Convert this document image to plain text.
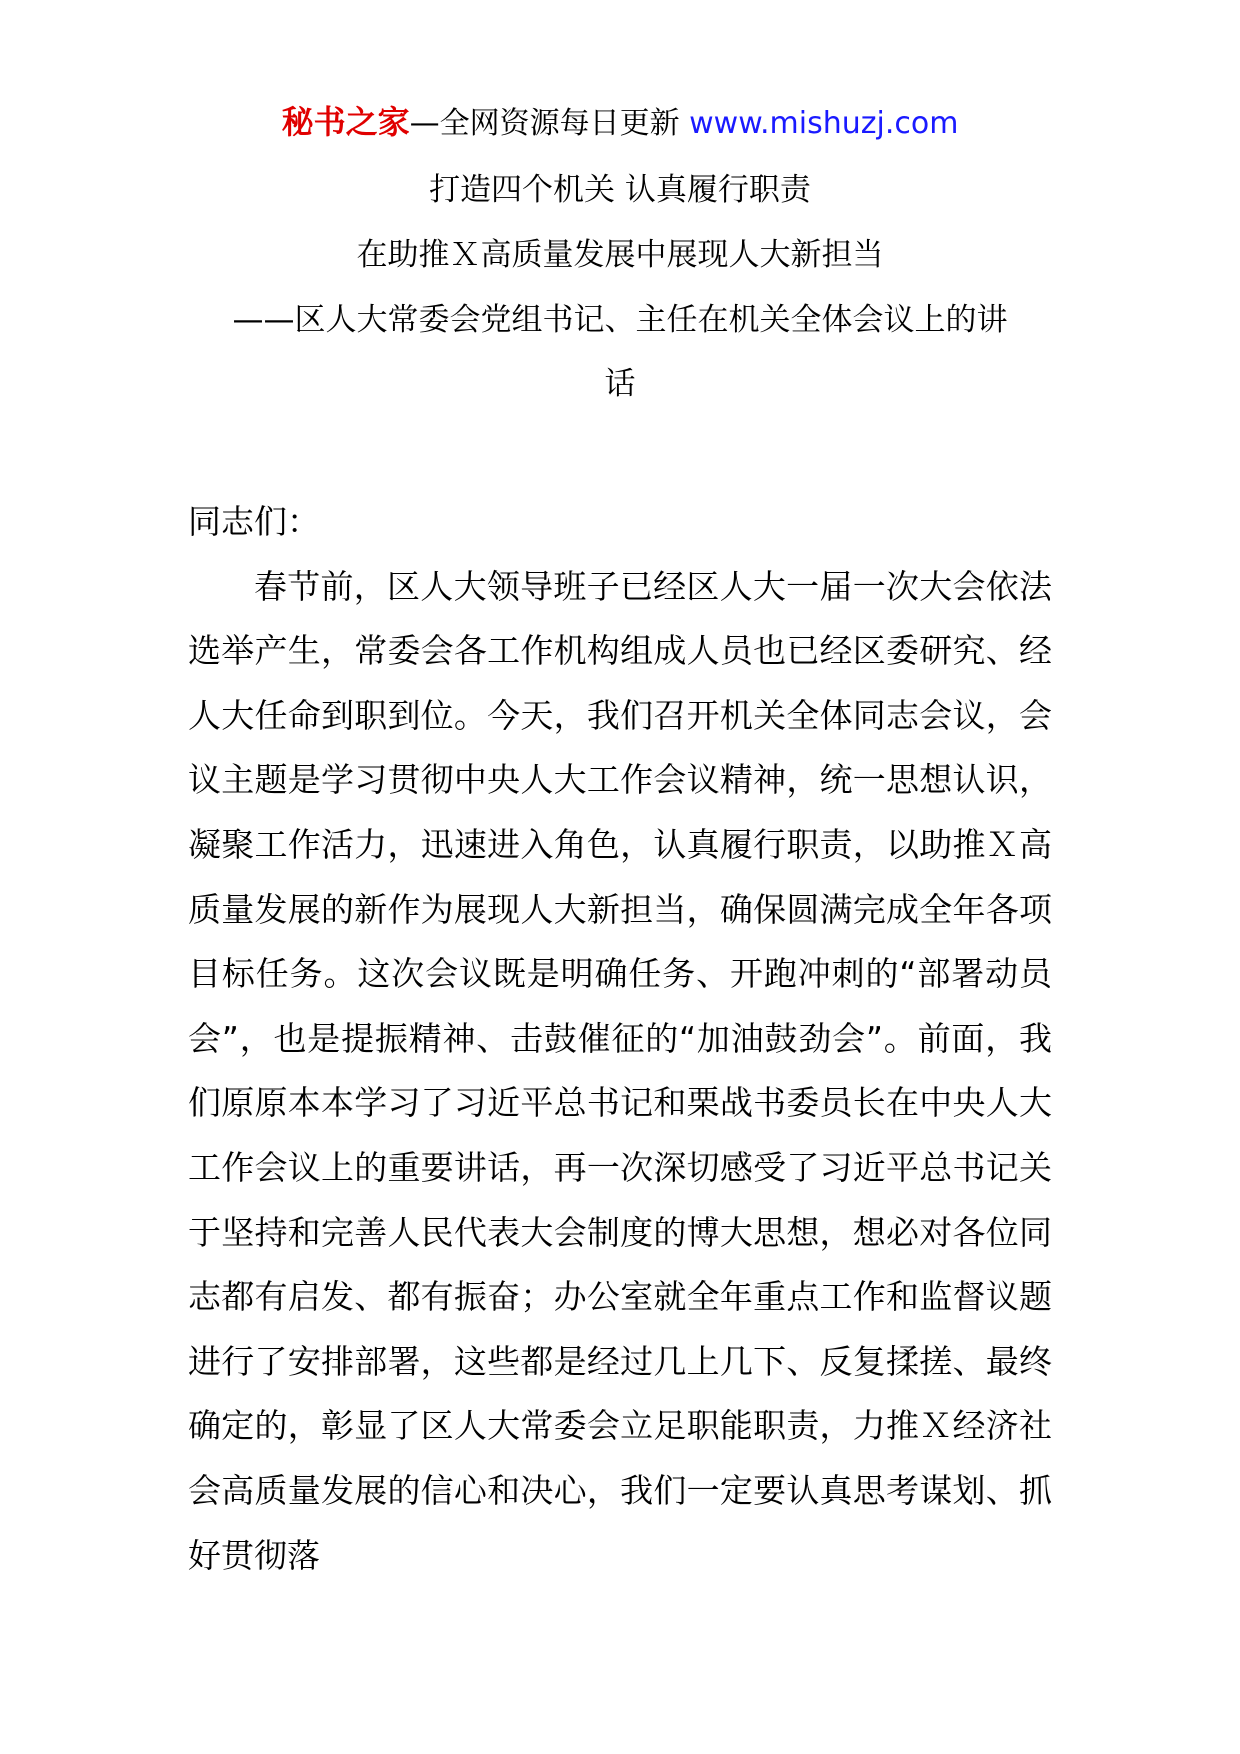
秘书之家—全网资源每日更新 www.mishuzj.com
打造四个机关 认真履行职责
在助推Ｘ高质量发展中展现人大新担当
——区人大常委会党组书记、主任在机关全体会议上的讲
话

同志们：

春节前，区人大领导班子已经区人大一届一次大会依法选举产生，常委会各工作机构组成人员也已经区委研究、经人大任命到职到位。今天，我们召开机关全体同志会议，会议主题是学习贯彻中央人大工作会议精神，统一思想认识，凝聚工作活力，迅速进入角色，认真履行职责，以助推Ｘ高质量发展的新作为展现人大新担当，确保圆满完成全年各项目标任务。这次会议既是明确任务、开跑冲刺的“部署动员会”，也是提振精神、击鼓催征的“加油鼓劲会”。前面，我们原原本本学习了习近平总书记和栗战书委员长在中央人大工作会议上的重要讲话，再一次深切感受了习近平总书记关于坚持和完善人民代表大会制度的博大思想，想必对各位同志都有启发、都有振奋；办公室就全年重点工作和监督议题进行了安排部署，这些都是经过几上几下、反复揉搓、最终确定的，彰显了区人大常委会立足职能职责，力推Ｘ经济社会高质量发展的信心和决心，我们一定要认真思考谋划、抓好贯彻落
